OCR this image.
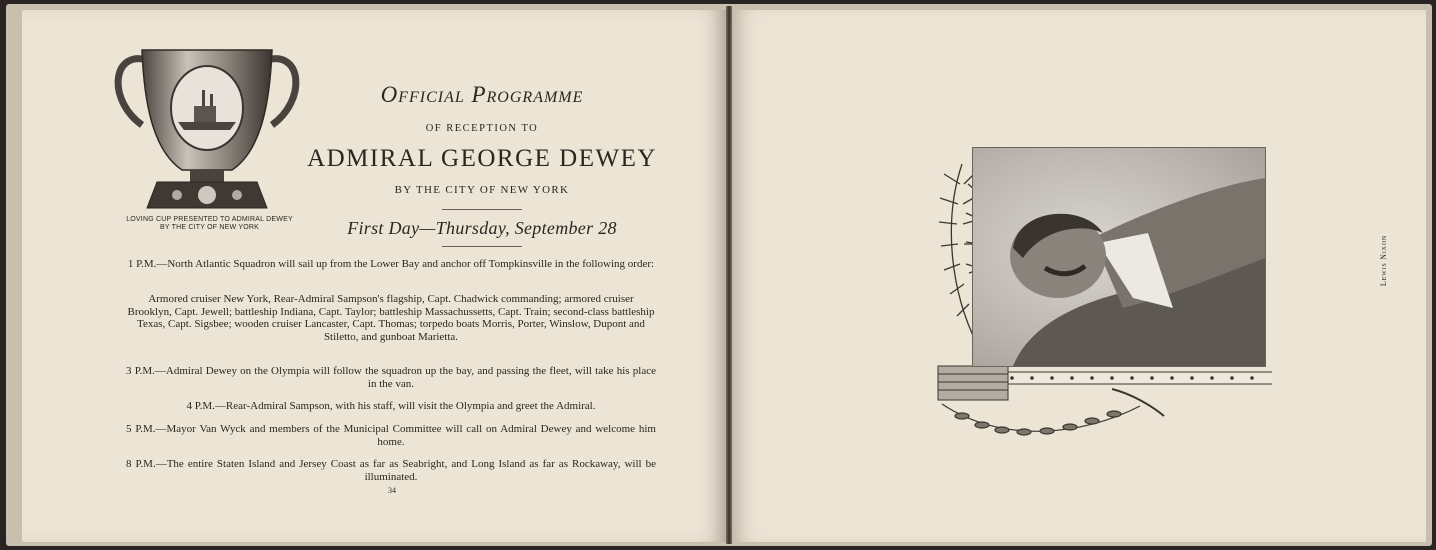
LOVING CUP PRESENTED TO ADMIRAL DEWEY
BY THE CITY OF NEW YORK
Official Programme
OF RECEPTION TO
ADMIRAL GEORGE DEWEY
BY THE CITY OF NEW YORK
First Day—Thursday, September 28
1 P.M.—North Atlantic Squadron will sail up from the Lower Bay and anchor off Tompkinsville in the following order:
Armored cruiser New York, Rear-Admiral Sampson's flagship, Capt. Chadwick commanding; armored cruiser Brooklyn, Capt. Jewell; battleship Indiana, Capt. Taylor; battleship Massachussetts, Capt. Train; second-class battleship Texas, Capt. Sigsbee; wooden cruiser Lancaster, Capt. Thomas; torpedo boats Morris, Porter, Winslow, Dupont and Stiletto, and gunboat Marietta.
3 P.M.—Admiral Dewey on the Olympia will follow the squadron up the bay, and passing the fleet, will take his place in the van.
4 P.M.—Rear-Admiral Sampson, with his staff, will visit the Olympia and greet the Admiral.
5 P.M.—Mayor Van Wyck and members of the Municipal Committee will call on Admiral Dewey and welcome him home.
8 P.M.—The entire Staten Island and Jersey Coast as far as Seabright, and Long Island as far as Rockaway, will be illuminated.
34
Lewis Nixon
